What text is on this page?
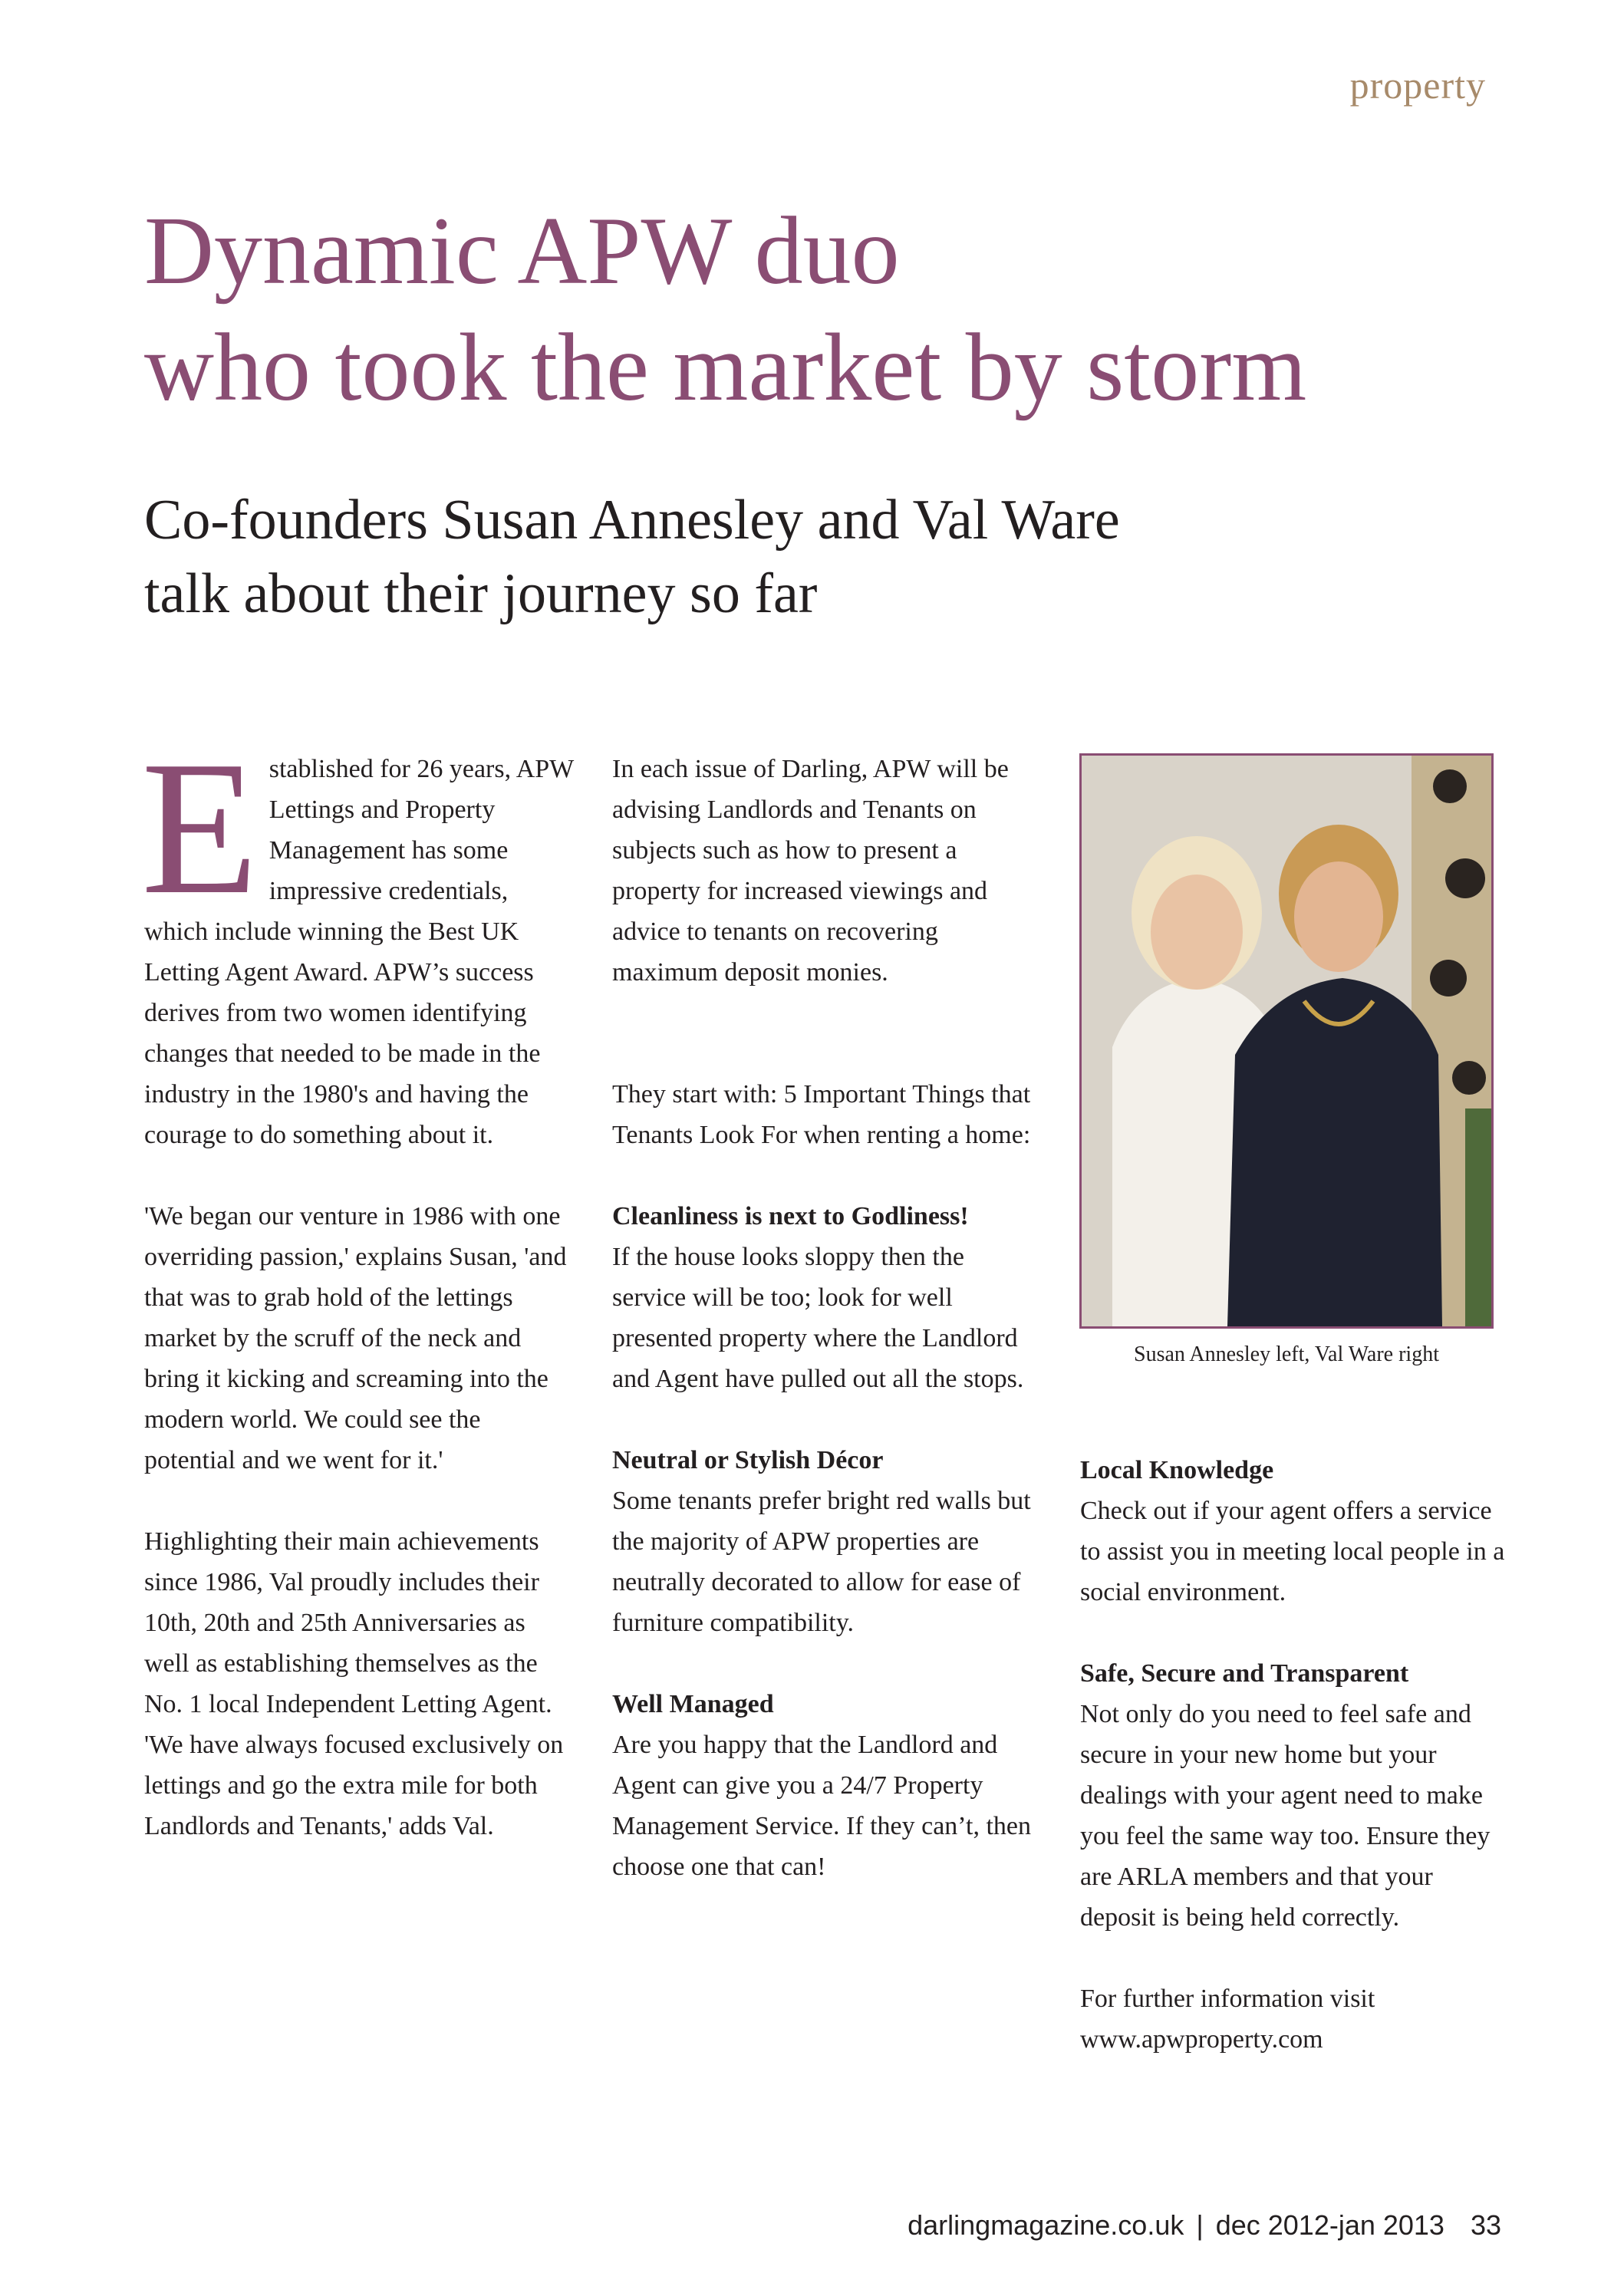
property
Dynamic APW duo
who took the market by storm
Co-founders Susan Annesley and Val Ware
talk about their journey so far
E stablished for 26 years, APW Lettings and Property Management has some impressive credentials, which include winning the Best UK Letting Agent Award. APW’s success derives from two women identifying changes that needed to be made in the industry in the 1980's and having the courage to do something about it.

'We began our venture in 1986 with one overriding passion,' explains Susan, 'and that was to grab hold of the lettings market by the scruff of the neck and bring it kicking and screaming into the modern world. We could see the potential and we went for it.'

Highlighting their main achievements since 1986, Val proudly includes their 10th, 20th and 25th Anniversaries as well as establishing themselves as the No. 1 local Independent Letting Agent. 'We have always focused exclusively on lettings and go the extra mile for both Landlords and Tenants,' adds Val.

In each issue of Darling, APW will be advising Landlords and Tenants on subjects such as how to present a property for increased viewings and advice to tenants on recovering maximum deposit monies.

They start with: 5 Important Things that Tenants Look For when renting a home:

Cleanliness is next to Godliness!

If the house looks sloppy then the service will be too; look for well presented property where the Landlord and Agent have pulled out all the stops.

Neutral or Stylish Décor

Some tenants prefer bright red walls but the majority of APW properties are neutrally decorated to allow for ease of furniture compatibility.

Well Managed

Are you happy that the Landlord and Agent can give you a 24/7 Property Management Service. If they can’t, then choose one that can!

Susan Annesley left, Val Ware right

Local Knowledge

Check out if your agent offers a service to assist you in meeting local people in a social environment.

Safe, Secure and Transparent

Not only do you need to feel safe and secure in your new home but your dealings with your agent need to make you feel the same way too. Ensure they are ARLA members and that your deposit is being held correctly.

For further information visit

www.apwproperty.com

darlingmagazine.co.uk | dec 2012-jan 2013 33
